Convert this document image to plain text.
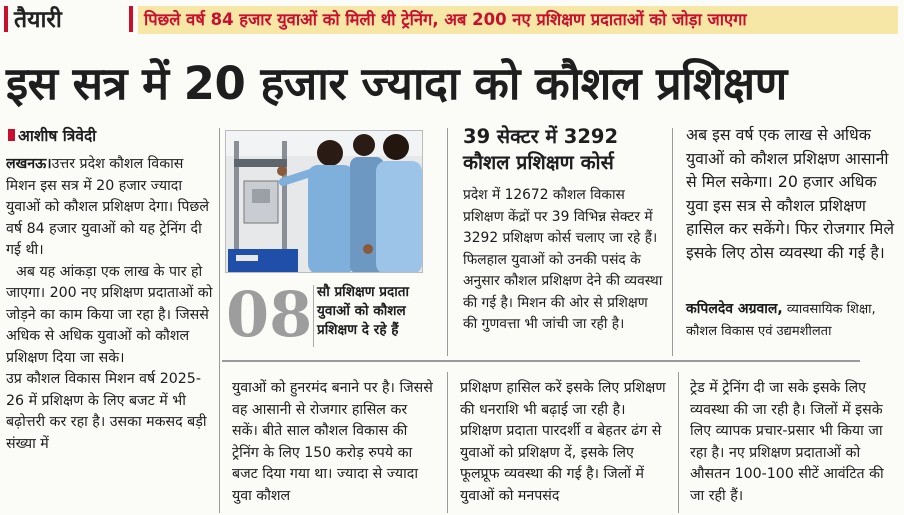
तैयारी	पिछले वर्ष 84 हजार युवाओं को मिली थी ट्रेनिंग, अब 200 नए प्रशिक्षण प्रदाताओं को जोड़ा जाएगा
इस सत्र में 20 हजार ज्यादा को कौशल प्रशिक्षण
आशीष त्रिवेदी

लखनऊ।उत्तर प्रदेश कौशल विकास मिशन इस सत्र में 20 हजार ज्यादा युवाओं को कौशल प्रशिक्षण देगा। पिछले वर्ष 84 हजार युवाओं को यह ट्रेनिंग दी गई थी।

अब यह आंकड़ा एक लाख के पार हो जाएगा। 200 नए प्रशिक्षण प्रदाताओं को जोड़ने का काम किया जा रहा है। जिससे अधिक से अधिक युवाओं को कौशल प्रशिक्षण दिया जा सके।

उप्र कौशल विकास मिशन वर्ष 2025-26 में प्रशिक्षण के लिए बजट में भी बढ़ोत्तरी कर रहा है। उसका मकसद बड़ी संख्या में

08 सौ प्रशिक्षण प्रदाता युवाओं को कौशल प्रशिक्षण दे रहे हैं
39 सेक्टर में 3292 कौशल प्रशिक्षण कोर्स
प्रदेश में 12672 कौशल विकास प्रशिक्षण केंद्रों पर 39 विभिन्न सेक्टर में 3292 प्रशिक्षण कोर्स चलाए जा रहे हैं। फिलहाल युवाओं को उनकी पसंद के अनुसार कौशल प्रशिक्षण देने की व्यवस्था की गई है। मिशन की ओर से प्रशिक्षण की गुणवत्ता भी जांची जा रही है।
अब इस वर्ष एक लाख से अधिक युवाओं को कौशल प्रशिक्षण आसानी से मिल सकेगा। 20 हजार अधिक युवा इस सत्र से कौशल प्रशिक्षण हासिल कर सकेंगे। फिर रोजगार मिले इसके लिए ठोस व्यवस्था की गई है।
कपिलदेव अग्रवाल, व्यावसायिक शिक्षा, कौशल विकास एवं उद्यमशीलता
युवाओं को हुनरमंद बनाने पर है। जिससे वह आसानी से रोजगार हासिल कर सकें। बीते साल कौशल विकास की ट्रेनिंग के लिए 150 करोड़ रुपये का बजट दिया गया था। ज्यादा से ज्यादा युवा कौशल
प्रशिक्षण हासिल करें इसके लिए प्रशिक्षण की धनराशि भी बढ़ाई जा रही है। प्रशिक्षण प्रदाता पारदर्शी व बेहतर ढंग से युवाओं को प्रशिक्षण दें, इसके लिए फूलप्रूफ व्यवस्था की गई है। जिलों में युवाओं को मनपसंद
ट्रेड में ट्रेनिंग दी जा सके इसके लिए व्यवस्था की जा रही है। जिलों में इसके लिए व्यापक प्रचार-प्रसार भी किया जा रहा है। नए प्रशिक्षण प्रदाताओं को औसतन 100-100 सीटें आवंटित की जा रही हैं।
